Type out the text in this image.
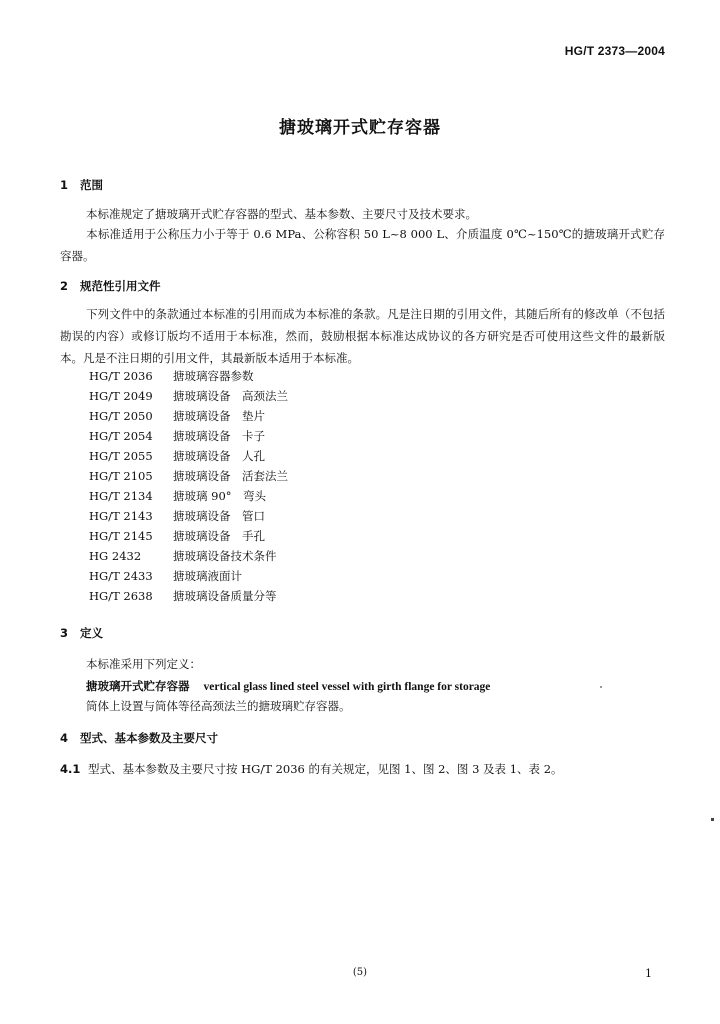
HG/T 2373—2004
搪玻璃开式贮存容器
1 范围
本标准规定了搪玻璃开式贮存容器的型式、基本参数、主要尺寸及技术要求。
本标准适用于公称压力小于等于 0.6 MPa、公称容积 50 L~8 000 L、介质温度 0℃~150℃的搪玻璃开式贮存容器。
2 规范性引用文件
下列文件中的条款通过本标准的引用而成为本标准的条款。凡是注日期的引用文件，其随后所有的修改单（不包括勘误的内容）或修订版均不适用于本标准，然而，鼓励根据本标准达成协议的各方研究是否可使用这些文件的最新版本。凡是不注日期的引用文件，其最新版本适用于本标准。
HG/T 2036 搪玻璃容器参数
HG/T 2049 搪玻璃设备　高颈法兰
HG/T 2050 搪玻璃设备　垫片
HG/T 2054 搪玻璃设备　卡子
HG/T 2055 搪玻璃设备　人孔
HG/T 2105 搪玻璃设备　活套法兰
HG/T 2134 搪玻璃 90°　弯头
HG/T 2143 搪玻璃设备　管口
HG/T 2145 搪玻璃设备　手孔
HG 2432	搪玻璃设备技术条件
HG/T 2433 搪玻璃液面计
HG/T 2638 搪玻璃设备质量分等
3 定义
本标准采用下列定义：
搪玻璃开式贮存容器 vertical glass lined steel vessel with girth flange for storage
筒体上设置与筒体等径高颈法兰的搪玻璃贮存容器。
4 型式、基本参数及主要尺寸
4.1 型式、基本参数及主要尺寸按 HG/T 2036 的有关规定，见图 1、图 2、图 3 及表 1、表 2。
(5)	1
